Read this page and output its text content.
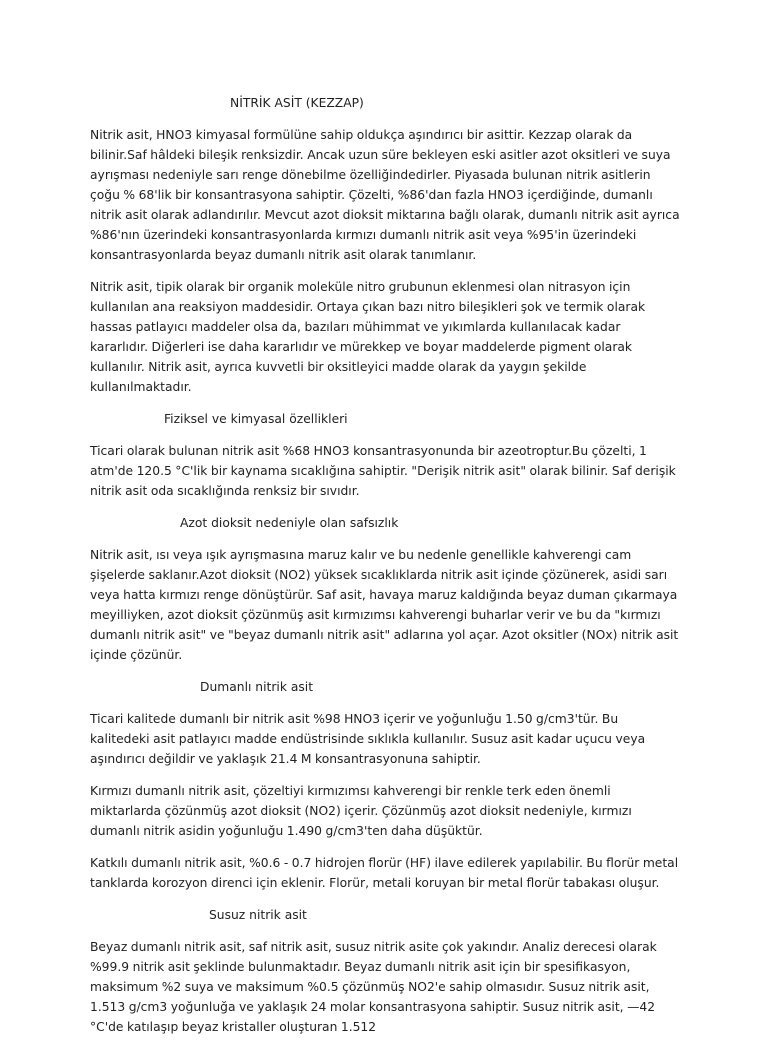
NİTRİK ASİT (KEZZAP)

Nitrik asit, HNO3 kimyasal formülüne sahip oldukça aşındırıcı bir asittir. Kezzap olarak da bilinir.Saf hâldeki bileşik renksizdir. Ancak uzun süre bekleyen eski asitler azot oksitleri ve suya ayrışması nedeniyle sarı renge dönebilme özelliğindedirler. Piyasada bulunan nitrik asitlerin çoğu % 68'lik bir konsantrasyona sahiptir. Çözelti, %86'dan fazla HNO3 içerdiğinde, dumanlı nitrik asit olarak adlandırılır. Mevcut azot dioksit miktarına bağlı olarak, dumanlı nitrik asit ayrıca %86'nın üzerindeki konsantrasyonlarda kırmızı dumanlı nitrik asit veya %95'in üzerindeki konsantrasyonlarda beyaz dumanlı nitrik asit olarak tanımlanır.

Nitrik asit, tipik olarak bir organik moleküle nitro grubunun eklenmesi olan nitrasyon için kullanılan ana reaksiyon maddesidir. Ortaya çıkan bazı nitro bileşikleri şok ve termik olarak hassas patlayıcı maddeler olsa da, bazıları mühimmat ve yıkımlarda kullanılacak kadar kararlıdır. Diğerleri ise daha kararlıdır ve mürekkep ve boyar maddelerde pigment olarak kullanılır. Nitrik asit, ayrıca kuvvetli bir oksitleyici madde olarak da yaygın şekilde kullanılmaktadır.

Fiziksel ve kimyasal özellikleri

Ticari olarak bulunan nitrik asit %68 HNO3 konsantrasyonunda bir azeotroptur.Bu çözelti, 1 atm'de 120.5 °C'lik bir kaynama sıcaklığına sahiptir. "Derişik nitrik asit" olarak bilinir. Saf derişik nitrik asit oda sıcaklığında renksiz bir sıvıdır.

Azot dioksit nedeniyle olan safsızlık

Nitrik asit, ısı veya ışık ayrışmasına maruz kalır ve bu nedenle genellikle kahverengi cam şişelerde saklanır.Azot dioksit (NO2) yüksek sıcaklıklarda nitrik asit içinde çözünerek, asidi sarı veya hatta kırmızı renge dönüştürür. Saf asit, havaya maruz kaldığında beyaz duman çıkarmaya meyilliyken, azot dioksit çözünmüş asit kırmızımsı kahverengi buharlar verir ve bu da "kırmızı dumanlı nitrik asit" ve "beyaz dumanlı nitrik asit" adlarına yol açar. Azot oksitler (NOx) nitrik asit içinde çözünür.

Dumanlı nitrik asit

Ticari kalitede dumanlı bir nitrik asit %98 HNO3 içerir ve yoğunluğu 1.50 g/cm3'tür. Bu kalitedeki asit patlayıcı madde endüstrisinde sıklıkla kullanılır. Susuz asit kadar uçucu veya aşındırıcı değildir ve yaklaşık 21.4 M konsantrasyonuna sahiptir.

Kırmızı dumanlı nitrik asit, çözeltiyi kırmızımsı kahverengi bir renkle terk eden önemli miktarlarda çözünmüş azot dioksit (NO2) içerir. Çözünmüş azot dioksit nedeniyle, kırmızı dumanlı nitrik asidin yoğunluğu 1.490 g/cm3'ten daha düşüktür.

Katkılı dumanlı nitrik asit, %0.6 - 0.7 hidrojen florür (HF) ilave edilerek yapılabilir. Bu florür metal tanklarda korozyon direnci için eklenir. Florür, metali koruyan bir metal florür tabakası oluşur.

Susuz nitrik asit

Beyaz dumanlı nitrik asit, saf nitrik asit, susuz nitrik asite çok yakındır. Analiz derecesi olarak %99.9 nitrik asit şeklinde bulunmaktadır. Beyaz dumanlı nitrik asit için bir spesifikasyon, maksimum %2 suya ve maksimum %0.5 çözünmüş NO2'e sahip olmasıdır. Susuz nitrik asit, 1.513 g/cm3 yoğunluğa ve yaklaşık 24 molar konsantrasyona sahiptir. Susuz nitrik asit, —42 °C'de katılaşıp beyaz kristaller oluşturan 1.512
